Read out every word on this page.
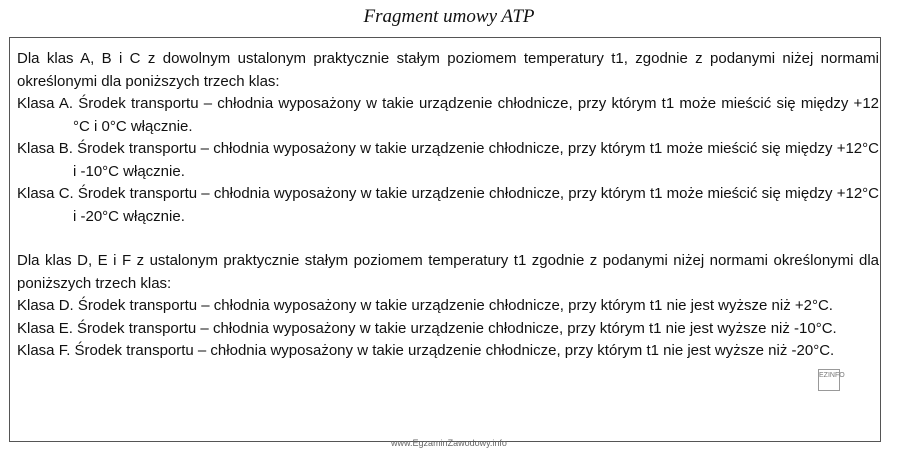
Fragment umowy ATP

Dla klas A, B i C z dowolnym ustalonym praktycznie stałym poziomem temperatury t1, zgodnie z podanymi niżej normami określonymi dla poniższych trzech klas:

Klasa A. Środek transportu – chłodnia wyposażony w takie urządzenie chłodnicze, przy którym t1 może mieścić się między +12 °C i 0°C włącznie.

Klasa B. Środek transportu – chłodnia wyposażony w takie urządzenie chłodnicze, przy którym t1 może mieścić się między +12°C i -10°C włącznie.

Klasa C. Środek transportu – chłodnia wyposażony w takie urządzenie chłodnicze, przy którym t1 może mieścić się między +12°C i -20°C włącznie.

Dla klas D, E i F z ustalonym praktycznie stałym poziomem temperatury t1 zgodnie z podanymi niżej normami określonymi dla poniższych trzech klas:

Klasa D. Środek transportu – chłodnia wyposażony w takie urządzenie chłodnicze, przy którym t1 nie jest wyższe niż +2°C.

Klasa E. Środek transportu – chłodnia wyposażony w takie urządzenie chłodnicze, przy którym t1 nie jest wyższe niż -10°C.

Klasa F. Środek transportu – chłodnia wyposażony w takie urządzenie chłodnicze, przy którym t1 nie jest wyższe niż -20°C.

EZINFO
www.EgzaminZawodowy.info
